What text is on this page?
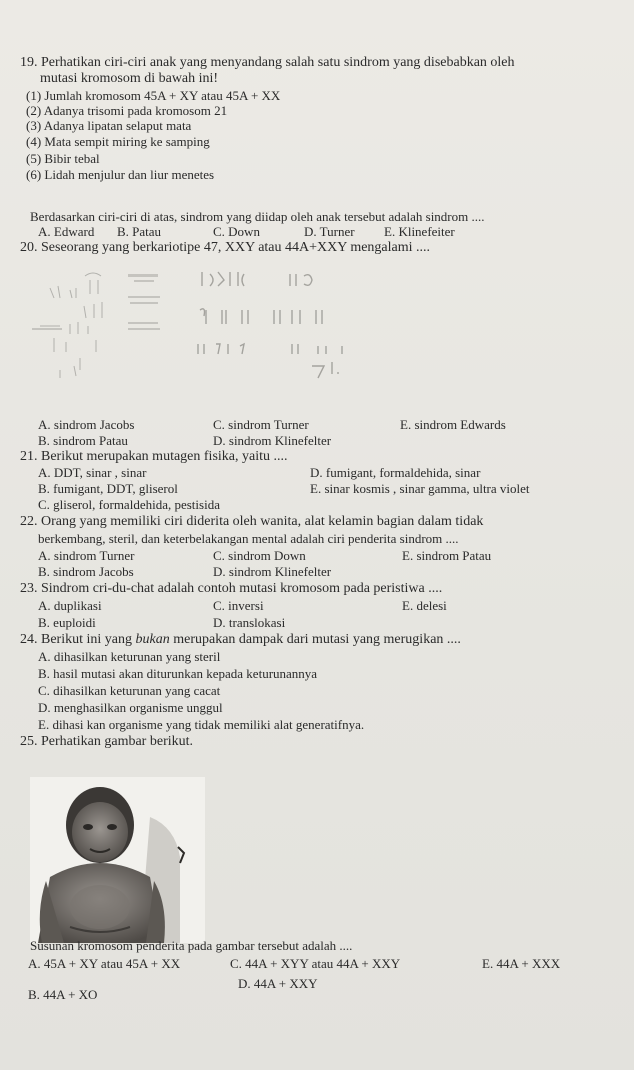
19. Perhatikan ciri-ciri anak yang menyandang salah satu sindrom yang disebabkan oleh
mutasi kromosom di bawah ini!
(1) Jumlah kromosom 45A + XY atau 45A + XX
(2) Adanya trisomi pada kromosom 21
(3) Adanya lipatan selaput mata
(4) Mata sempit miring ke samping
(5) Bibir tebal
(6) Lidah menjulur dan liur menetes
Berdasarkan ciri-ciri di atas, sindrom yang diidap oleh anak tersebut adalah sindrom ....
A. Edward B. Patau	C. Down	D. Turner E. Klinefeiter
20. Seseorang yang berkariotipe 47, XXY atau 44A+XXY mengalami ....
A. sindrom Jacobs	C. sindrom Turner	E. sindrom Edwards
B. sindrom Patau	D. sindrom Klinefelter
21. Berikut merupakan mutagen fisika, yaitu ....
A. DDT, sinar , sinar	D. fumigant, formaldehida, sinar
B. fumigant, DDT, gliserol	E. sinar kosmis , sinar gamma, ultra violet
C. gliserol, formaldehida, pestisida
22. Orang yang memiliki ciri diderita oleh wanita, alat kelamin bagian dalam tidak
berkembang, steril, dan keterbelakangan mental adalah ciri penderita sindrom ....
A. sindrom Turner	C. sindrom Down	E. sindrom Patau
B. sindrom Jacobs	D. sindrom Klinefelter
23. Sindrom cri-du-chat adalah contoh mutasi kromosom pada peristiwa ....
A. duplikasi	C. inversi	E. delesi
B. euploidi	D. translokasi
24. Berikut ini yang bukan merupakan dampak dari mutasi yang merugikan ....
A. dihasilkan keturunan yang steril
B. hasil mutasi akan diturunkan kepada keturunannya
C. dihasilkan keturunan yang cacat
D. menghasilkan organisme unggul
E. dihasi kan organisme yang tidak memiliki alat generatifnya.
25. Perhatikan gambar berikut.
Susunan kromosom penderita pada gambar tersebut adalah ....
A. 45A + XY atau 45A + XX	C. 44A + XYY atau 44A + XXY	E. 44A + XXX
D. 44A + XXY
B. 44A + XO
